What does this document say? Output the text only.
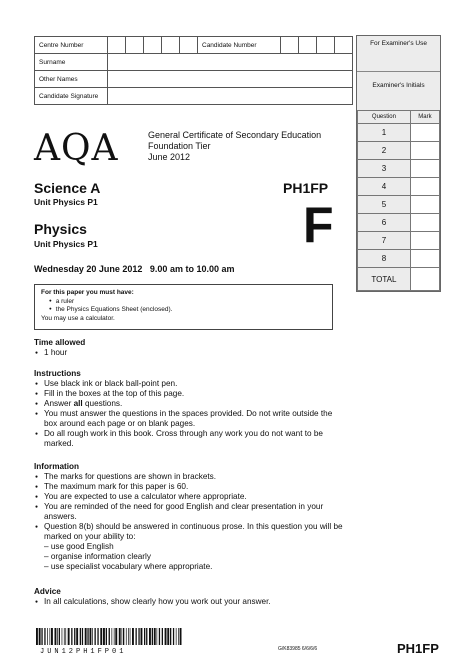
Centre Number						Candidate Number				
Surname										
Other Names										
Candidate Signature										
For Examiner's Use
Examiner's Initials
Question	Mark
1	
2	
3	
4	
5	
6	
7	
8	
TOTAL	
AQA	General Certificate of Secondary Education
Foundation Tier
June 2012
Science A
Unit Physics P1
PH1FP
F
Physics
Unit Physics P1
Wednesday 20 June 2012 9.00 am to 10.00 am
For this paper you must have:
● a ruler
● the Physics Equations Sheet (enclosed).
You may use a calculator.
Time allowed
● 1 hour
Instructions
● Use black ink or black ball-point pen.
● Fill in the boxes at the top of this page.
● Answer all questions.
● You must answer the questions in the spaces provided. Do not write outside the box around each page or on blank pages.
● Do all rough work in this book. Cross through any work you do not want to be marked.
Information
● The marks for questions are shown in brackets.
● The maximum mark for this paper is 60.
● You are expected to use a calculator where appropriate.
● You are reminded of the need for good English and clear presentation in your answers.
● Question 8(b) should be answered in continuous prose. In this question you will be marked on your ability to:
– use good English
– organise information clearly
– use specialist vocabulary where appropriate.
Advice
● In all calculations, show clearly how you work out your answer.
JUN12PH1FP01	G/K83985 6/6/6/6	PH1FP
